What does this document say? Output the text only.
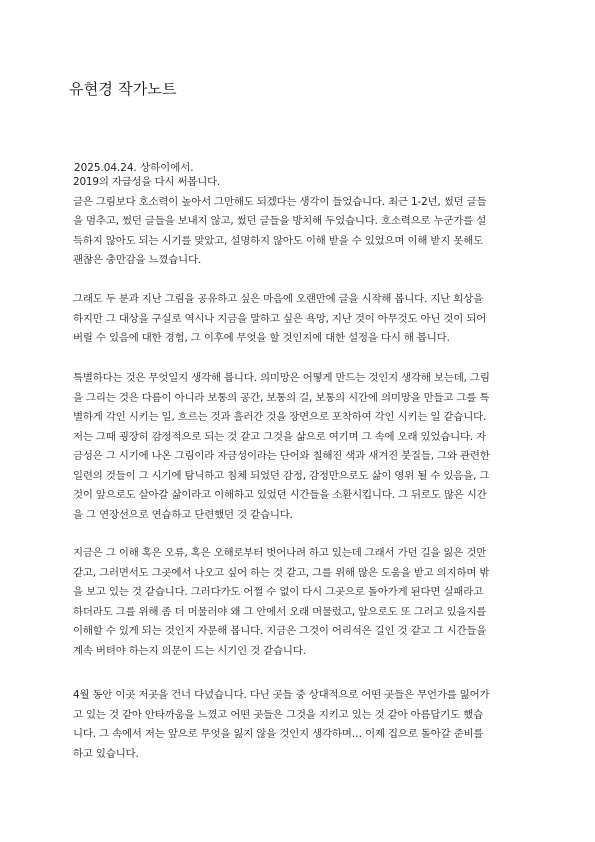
유현경 작가노트
2025.04.24. 상하이에서.
2019의 자급성을 다시 써봅니다.
글은 그림보다 호소력이 높아서 그만해도 되겠다는 생각이 들었습니다. 최근 1-2년, 썼던 글들
을 멈추고, 썼던 글들을 보내지 않고, 썼던 글들을 방치해 두었습니다. 호소력으로 누군가를 설
득하지 않아도 되는 시기를 맞았고, 설명하지 않아도 이해 받을 수 있었으며 이해 받지 못해도
괜찮은 충만감을 느꼈습니다.
그래도 두 분과 지난 그림을 공유하고 싶은 마음에 오랜만에 글을 시작해 봅니다. 지난 회상을
하지만 그 대상을 구실로 역시나 지금을 말하고 싶은 욕망, 지난 것이 아무것도 아닌 것이 되어
버릴 수 있음에 대한 경험, 그 이후에 무엇을 할 것인지에 대한 설정을 다시 해 봅니다.
특별하다는 것은 무엇일지 생각해 봅니다. 의미망은 어떻게 만드는 것인지 생각해 보는데, 그림
을 그리는 것은 다름이 아니라 보통의 공간, 보통의 길, 보통의 시간에 의미망을 만들고 그를 특
별하게 각인 시키는 일, 흐르는 것과 흘러간 것을 장면으로 포착하여 각인 시키는 일 같습니다.
저는 그때 굉장히 감정적으로 되는 것 같고 그것을 삶으로 여기며 그 속에 오래 있었습니다. 자
금성은 그 시기에 나온 그림이라 자금성이라는 단어와 칠해진 색과 새겨진 붓질들, 그와 관련한
일련의 것들이 그 시기에 탐닉하고 침체 되었던 감정, 감정만으로도 삶이 영위 될 수 있음을, 그
것이 앞으로도 살아갈 삶이라고 이해하고 있었던 시간들을 소환시킵니다. 그 뒤로도 많은 시간
을 그 연장선으로 연습하고 단련했던 것 같습니다.
지금은 그 이해 혹은 오류, 혹은 오해로부터 벗어나려 하고 있는데 그래서 가던 길을 잃은 것만
같고, 그러면서도 그곳에서 나오고 싶어 하는 것 같고, 그를 위해 많은 도움을 받고 의지하며 밖
을 보고 있는 것 같습니다. 그러다가도 어쩔 수 없이 다시 그곳으로 돌아가게 된다면 실패라고
하더라도 그를 위해 좀 더 머물러야 왜 그 안에서 오래 머물렀고, 앞으로도 또 그러고 있을지를
이해할 수 있게 되는 것인지 자문해 봅니다. 지금은 그것이 어리석은 길인 것 같고 그 시간들을
계속 버텨야 하는지 의문이 드는 시기인 것 같습니다.
4월 동안 이곳 저곳을 건너 다녔습니다. 다닌 곳들 중 상대적으로 어떤 곳들은 무언가를 잃어가
고 있는 것 같아 안타까움을 느꼈고 어떤 곳들은 그것을 지키고 있는 것 같아 아름답기도 했습
니다. 그 속에서 저는 앞으로 무엇을 잃지 않을 것인지 생각하며… 이제 집으로 돌아갈 준비를
하고 있습니다.
